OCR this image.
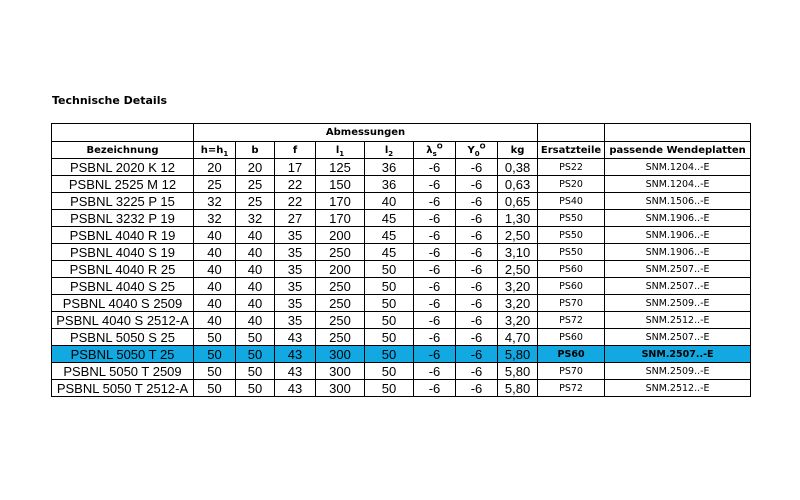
Technische Details
	Abmessungen									
Bezeichnung	$h=h_1$	b	f	$l_1$	$l_2$	$\lambda_s^O$	$Y_0^O$	kg	Ersatzteile	passende Wendeplatten
PSBNL 2020 K 12	20	20	17	125	36	-6	-6	0,38	PS22	SNM.1204..-E
PSBNL 2525 M 12	25	25	22	150	36	-6	-6	0,63	PS20	SNM.1204..-E
PSBNL 3225 P 15	32	25	22	170	40	-6	-6	0,65	PS40	SNM.1506..-E
PSBNL 3232 P 19	32	32	27	170	45	-6	-6	1,30	PS50	SNM.1906..-E
PSBNL 4040 R 19	40	40	35	200	45	-6	-6	2,50	PS50	SNM.1906..-E
PSBNL 4040 S 19	40	40	35	250	45	-6	-6	3,10	PS50	SNM.1906..-E
PSBNL 4040 R 25	40	40	35	200	50	-6	-6	2,50	PS60	SNM.2507..-E
PSBNL 4040 S 25	40	40	35	250	50	-6	-6	3,20	PS60	SNM.2507..-E
PSBNL 4040 S 2509	40	40	35	250	50	-6	-6	3,20	PS70	SNM.2509..-E
PSBNL 4040 S 2512-A	40	40	35	250	50	-6	-6	3,20	PS72	SNM.2512..-E
PSBNL 5050 S 25	50	50	43	250	50	-6	-6	4,70	PS60	SNM.2507..-E
PSBNL 5050 T 25	50	50	43	300	50	-6	-6	5,80	PS60	SNM.2507..-E
PSBNL 5050 T 2509	50	50	43	300	50	-6	-6	5,80	PS70	SNM.2509..-E
PSBNL 5050 T 2512-A	50	50	43	300	50	-6	-6	5,80	PS72	SNM.2512..-E
